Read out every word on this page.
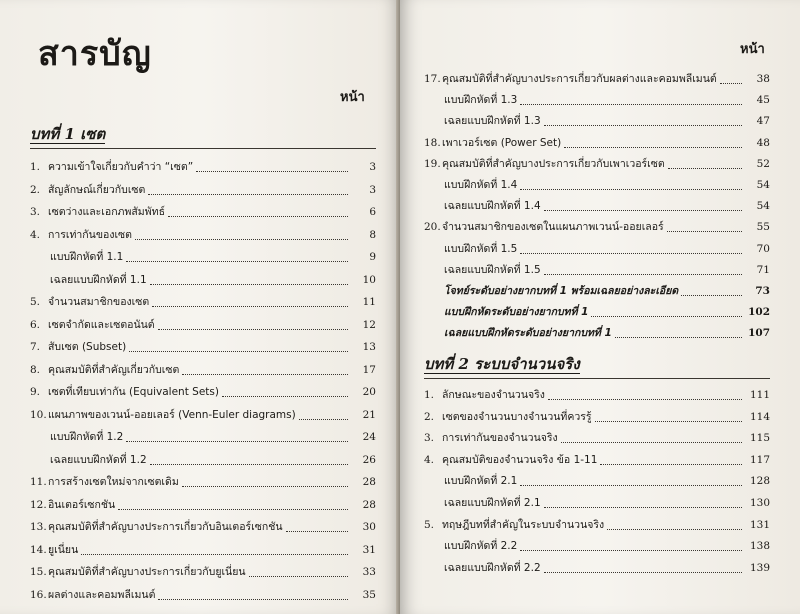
สารบัญ
หน้า
บทที่ 1 เซต
1. ความเข้าใจเกี่ยวกับคำว่า “เซต”	3
2. สัญลักษณ์เกี่ยวกับเซต	3
3. เซตว่างและเอกภพสัมพัทธ์	6
4. การเท่ากันของเซต	8
แบบฝึกหัดที่ 1.1	9
เฉลยแบบฝึกหัดที่ 1.1	10
5. จำนวนสมาชิกของเซต	11
6. เซตจำกัดและเซตอนันต์	12
7. สับเซต (Subset)	13
8. คุณสมบัติที่สำคัญเกี่ยวกับเซต	17
9. เซตที่เทียบเท่ากัน (Equivalent Sets)	20
10. แผนภาพของเวนน์-ออยเลอร์ (Venn-Euler diagrams)	21
แบบฝึกหัดที่ 1.2	24
เฉลยแบบฝึกหัดที่ 1.2	26
11. การสร้างเซตใหม่จากเซตเดิม	28
12. อินเตอร์เซกชัน	28
13. คุณสมบัติที่สำคัญบางประการเกี่ยวกับอินเตอร์เซกชัน	30
14. ยูเนี่ยน	31
15. คุณสมบัติที่สำคัญบางประการเกี่ยวกับยูเนี่ยน	33
16. ผลต่างและคอมพลีเมนต์	35
หน้า
17. คุณสมบัติที่สำคัญบางประการเกี่ยวกับผลต่างและคอมพลีเมนต์	38
แบบฝึกหัดที่ 1.3	45
เฉลยแบบฝึกหัดที่ 1.3	47
18. เพาเวอร์เซต (Power Set)	48
19. คุณสมบัติที่สำคัญบางประการเกี่ยวกับเพาเวอร์เซต	52
แบบฝึกหัดที่ 1.4	54
เฉลยแบบฝึกหัดที่ 1.4	54
20. จำนวนสมาชิกของเซตในแผนภาพเวนน์-ออยเลอร์	55
แบบฝึกหัดที่ 1.5	70
เฉลยแบบฝึกหัดที่ 1.5	71
โจทย์ระดับอย่างยากบทที่ 1 พร้อมเฉลยอย่างละเอียด	73
แบบฝึกหัดระดับอย่างยากบทที่ 1	102
เฉลยแบบฝึกหัดระดับอย่างยากบทที่ 1	107
บทที่ 2 ระบบจำนวนจริง
1. ลักษณะของจำนวนจริง	111
2. เซตของจำนวนบางจำนวนที่ควรรู้	114
3. การเท่ากันของจำนวนจริง	115
4. คุณสมบัติของจำนวนจริง ข้อ 1-11	117
แบบฝึกหัดที่ 2.1	128
เฉลยแบบฝึกหัดที่ 2.1	130
5. ทฤษฎีบทที่สำคัญในระบบจำนวนจริง	131
แบบฝึกหัดที่ 2.2	138
เฉลยแบบฝึกหัดที่ 2.2	139
